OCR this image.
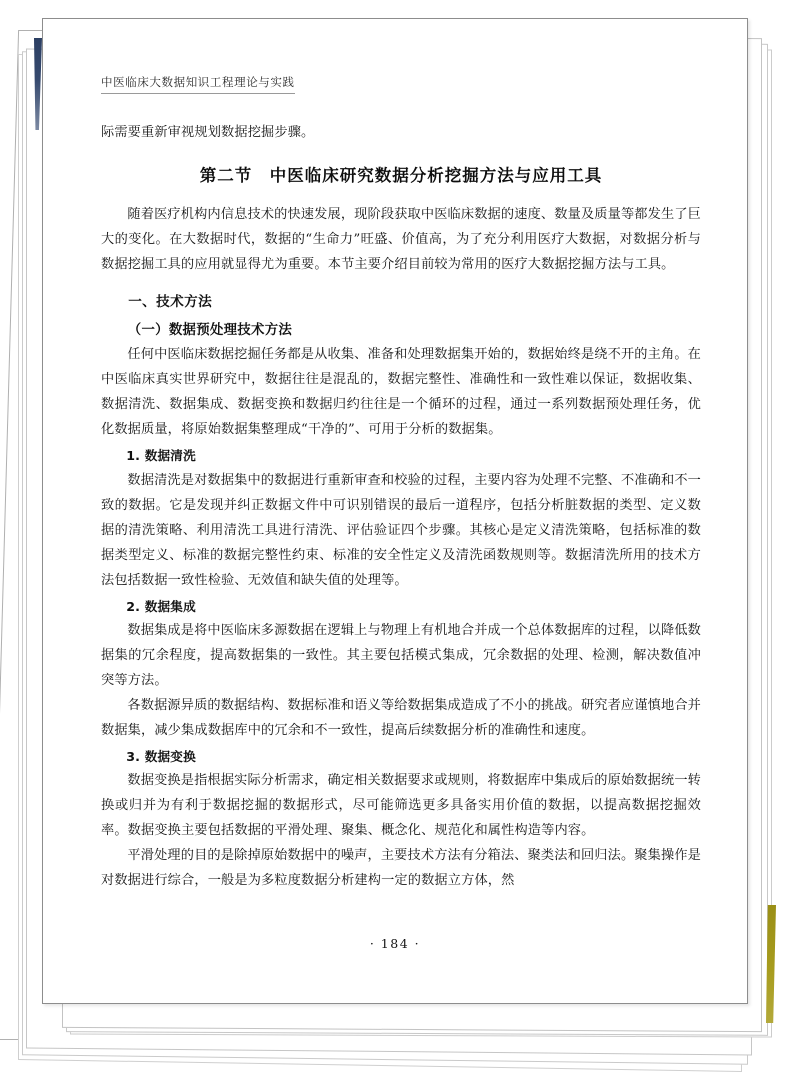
中医临床大数据知识工程理论与实践

际需要重新审视规划数据挖掘步骤。

第二节　中医临床研究数据分析挖掘方法与应用工具

随着医疗机构内信息技术的快速发展，现阶段获取中医临床数据的速度、数量及质量等都发生了巨大的变化。在大数据时代，数据的“生命力”旺盛、价值高，为了充分利用医疗大数据，对数据分析与数据挖掘工具的应用就显得尤为重要。本节主要介绍目前较为常用的医疗大数据挖掘方法与工具。

一、技术方法
（一）数据预处理技术方法

任何中医临床数据挖掘任务都是从收集、准备和处理数据集开始的，数据始终是绕不开的主角。在中医临床真实世界研究中，数据往往是混乱的，数据完整性、准确性和一致性难以保证，数据收集、数据清洗、数据集成、数据变换和数据归约往往是一个循环的过程，通过一系列数据预处理任务，优化数据质量，将原始数据集整理成“干净的”、可用于分析的数据集。

1. 数据清洗

数据清洗是对数据集中的数据进行重新审查和校验的过程，主要内容为处理不完整、不准确和不一致的数据。它是发现并纠正数据文件中可识别错误的最后一道程序，包括分析脏数据的类型、定义数据的清洗策略、利用清洗工具进行清洗、评估验证四个步骤。其核心是定义清洗策略，包括标准的数据类型定义、标准的数据完整性约束、标准的安全性定义及清洗函数规则等。数据清洗所用的技术方法包括数据一致性检验、无效值和缺失值的处理等。

2. 数据集成

数据集成是将中医临床多源数据在逻辑上与物理上有机地合并成一个总体数据库的过程，以降低数据集的冗余程度，提高数据集的一致性。其主要包括模式集成，冗余数据的处理、检测，解决数值冲突等方法。

各数据源异质的数据结构、数据标准和语义等给数据集成造成了不小的挑战。研究者应谨慎地合并数据集，减少集成数据库中的冗余和不一致性，提高后续数据分析的准确性和速度。

3. 数据变换

数据变换是指根据实际分析需求，确定相关数据要求或规则，将数据库中集成后的原始数据统一转换或归并为有利于数据挖掘的数据形式，尽可能筛选更多具备实用价值的数据，以提高数据挖掘效率。数据变换主要包括数据的平滑处理、聚集、概念化、规范化和属性构造等内容。

平滑处理的目的是除掉原始数据中的噪声，主要技术方法有分箱法、聚类法和回归法。聚集操作是对数据进行综合，一般是为多粒度数据分析建构一定的数据立方体，然

· 184 ·
